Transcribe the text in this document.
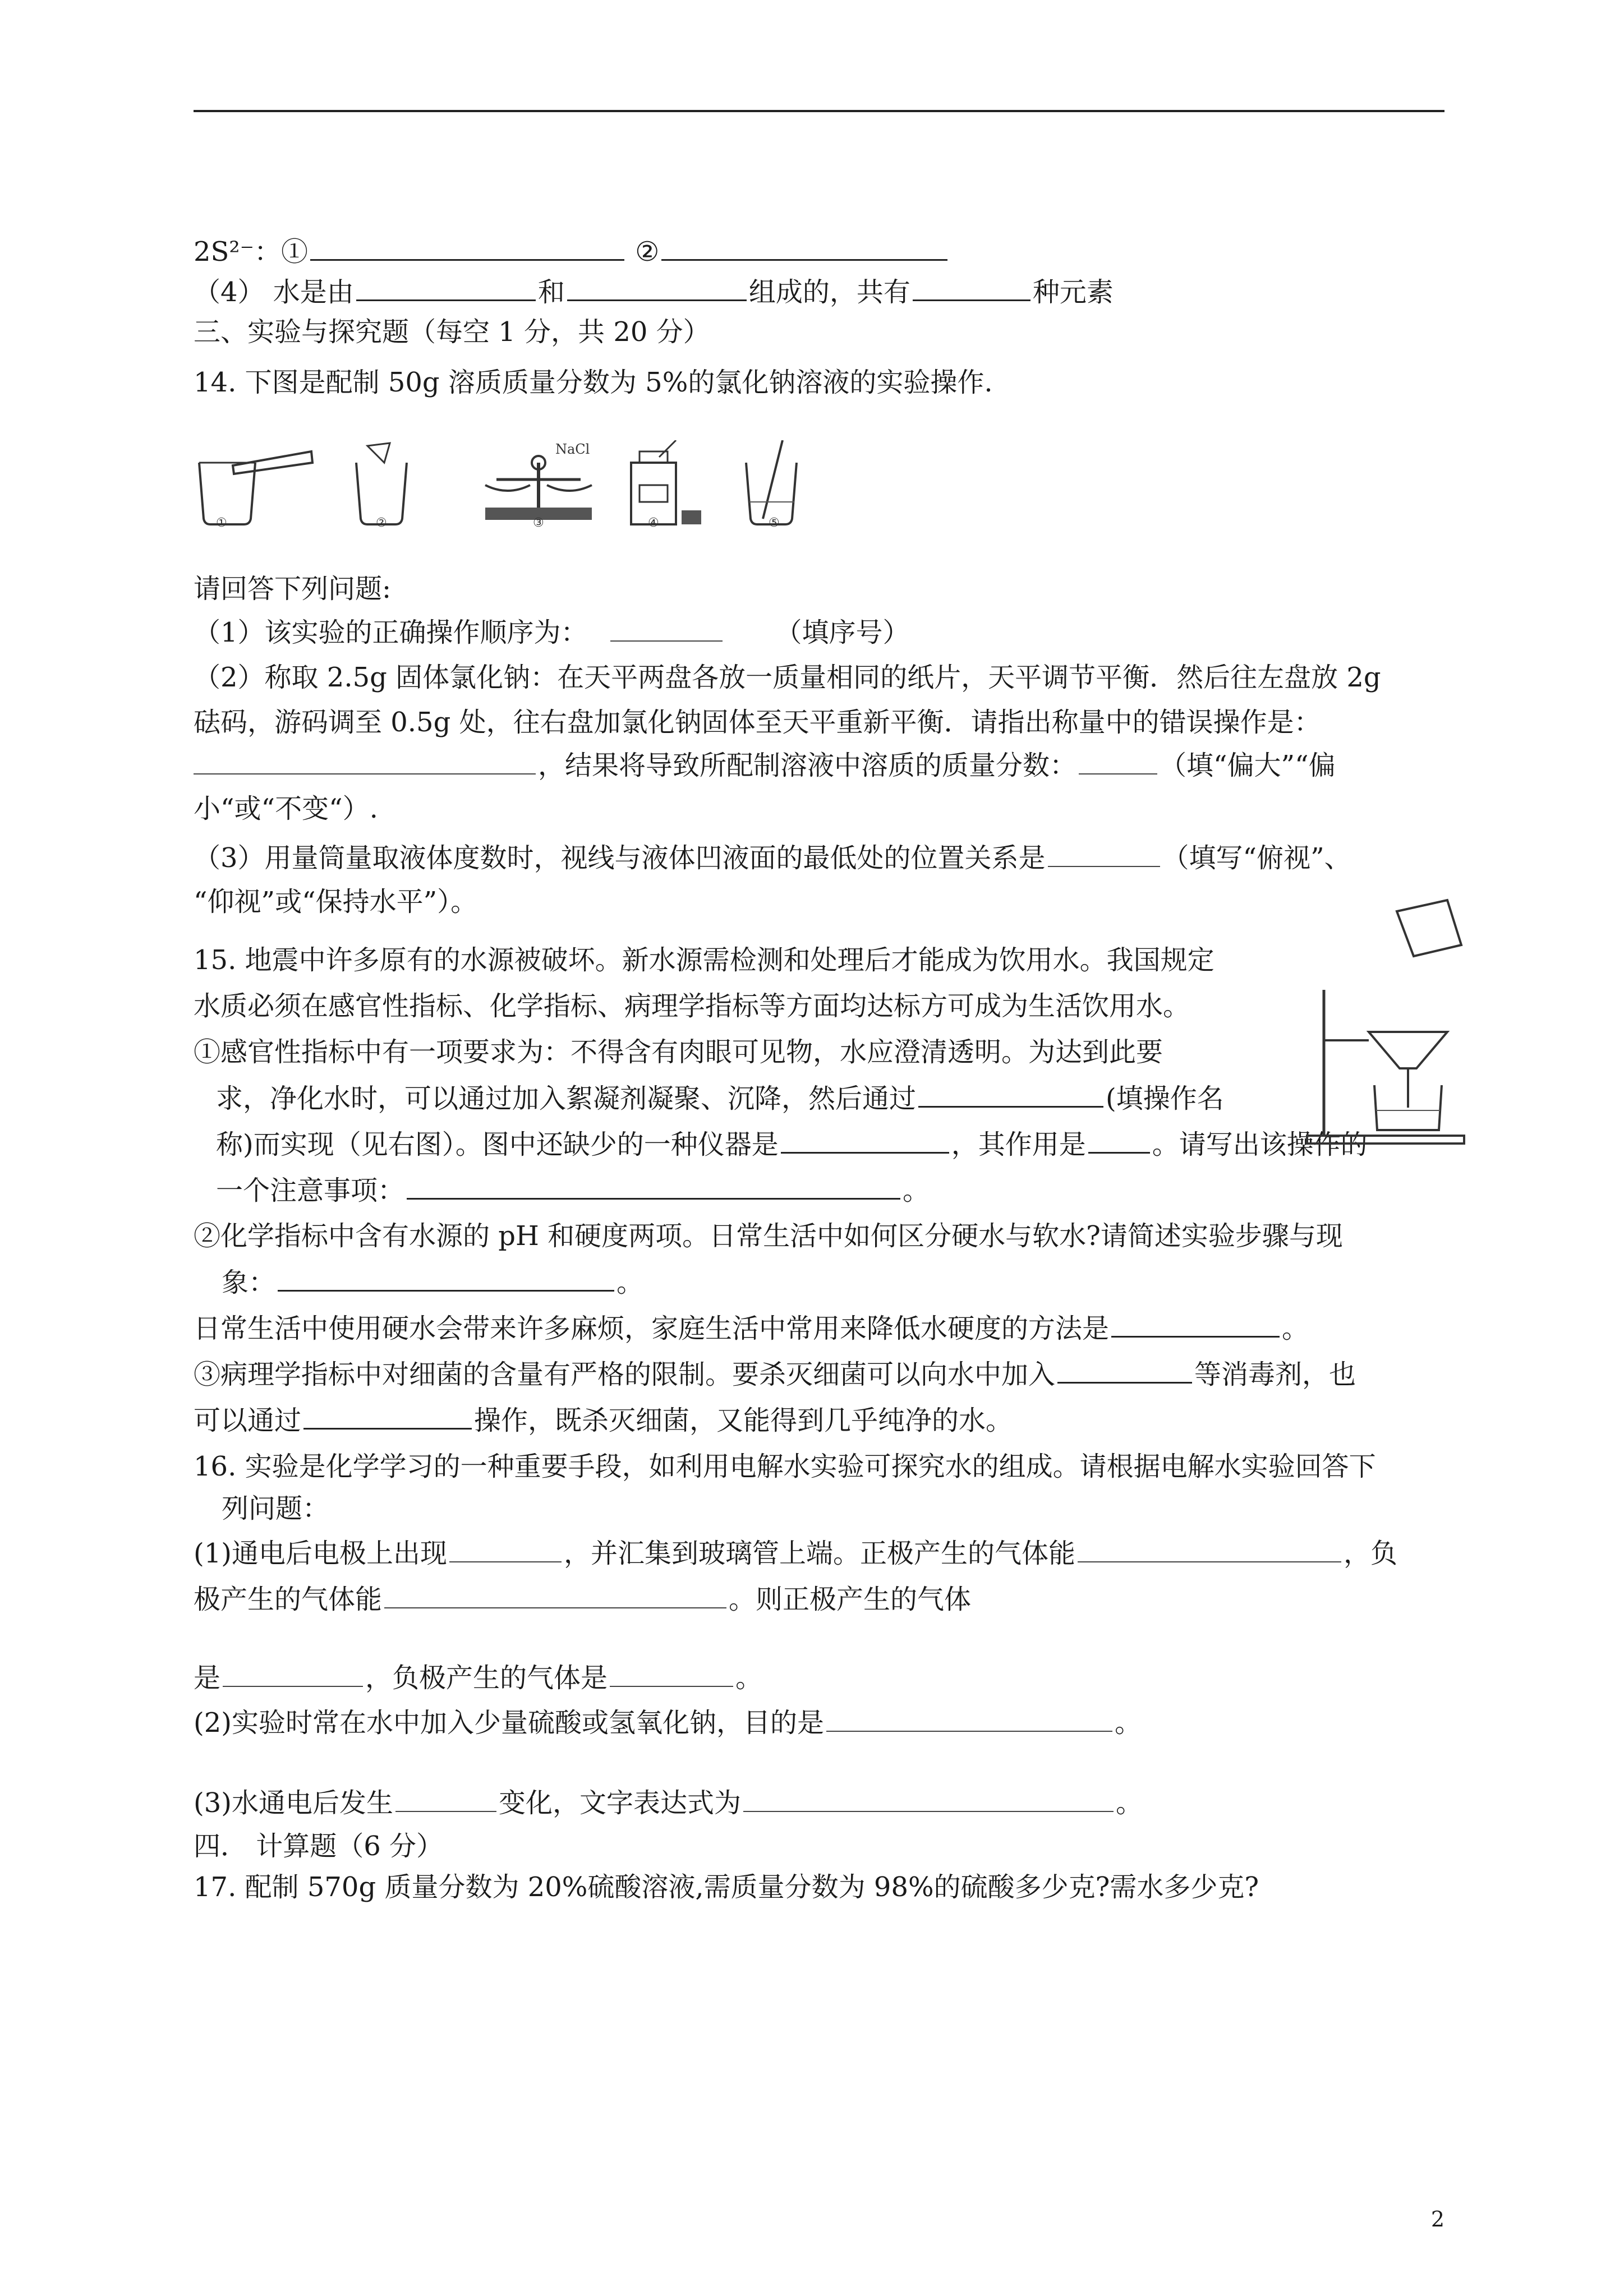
2S²⁻：①	②
（4） 水是由	和	组成的，共有	种元素
三、实验与探究题（每空 1 分，共 20 分）
14. 下图是配制 50g 溶质质量分数为 5%的氯化钠溶液的实验操作.
请回答下列问题:
（1）该实验的正确操作顺序为：	（填序号）
（2）称取 2.5g 固体氯化钠：在天平两盘各放一质量相同的纸片，天平调节平衡．然后往左盘放 2g
砝码，游码调至 0.5g 处，往右盘加氯化钠固体至天平重新平衡．请指出称量中的错误操作是：
，结果将导致所配制溶液中溶质的质量分数：	（填“偏大”“偏
小“或“不变“）.
（3）用量筒量取液体度数时，视线与液体凹液面的最低处的位置关系是	（填写“俯视”、
“仰视”或“保持水平”）。
15. 地震中许多原有的水源被破坏。新水源需检测和处理后才能成为饮用水。我国规定
水质必须在感官性指标、化学指标、病理学指标等方面均达标方可成为生活饮用水。
①感官性指标中有一项要求为：不得含有肉眼可见物，水应澄清透明。为达到此要
求，净化水时，可以通过加入絮凝剂凝聚、沉降，然后通过	(填操作名
称)而实现（见右图）。图中还缺少的一种仪器是	，其作用是 。请写出该操作的
一个注意事项：	。
②化学指标中含有水源的 pH 和硬度两项。日常生活中如何区分硬水与软水?请简述实验步骤与现
象：	。
日常生活中使用硬水会带来许多麻烦，家庭生活中常用来降低水硬度的方法是	。
③病理学指标中对细菌的含量有严格的限制。要杀灭细菌可以向水中加入	等消毒剂，也
可以通过	操作，既杀灭细菌，又能得到几乎纯净的水。
16. 实验是化学学习的一种重要手段，如利用电解水实验可探究水的组成。请根据电解水实验回答下
列问题：
(1)通电后电极上出现	，并汇集到玻璃管上端。正极产生的气体能	，负
极产生的气体能	。则正极产生的气体
是	，负极产生的气体是	。
(2)实验时常在水中加入少量硫酸或氢氧化钠，目的是	。
(3)水通电后发生	变化，文字表达式为	。
四． 计算题（6 分）
17. 配制 570g 质量分数为 20%硫酸溶液,需质量分数为 98%的硫酸多少克?需水多少克?
①	②
NaCl
③	④	⑤
2
